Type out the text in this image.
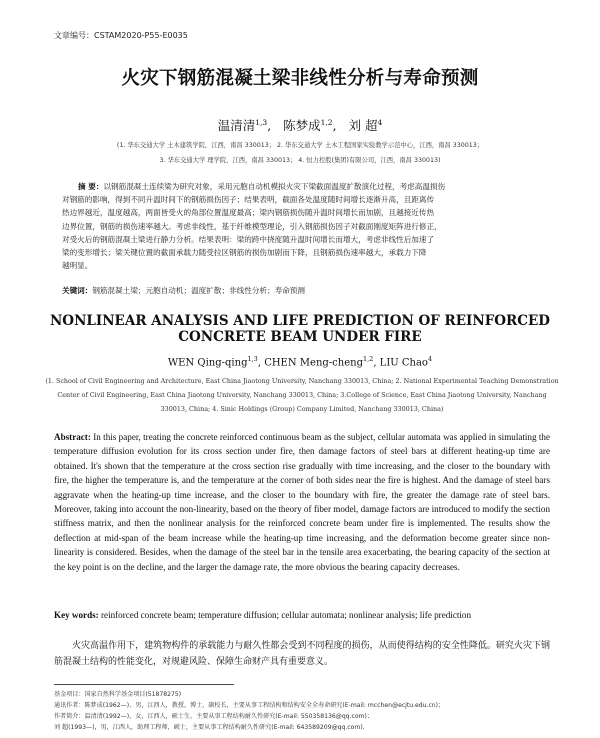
文章编号：CSTAM2020-P55-E0035
火灾下钢筋混凝土梁非线性分析与寿命预测
温清清$^{1,3}$,   陈梦成$^{1,2}$,   刘 超$^4$
(1. 华东交通大学 土木建筑学院，江西，南昌 330013； 2. 华东交通大学 土木工程国家实验教学示范中心，江西，南昌 330013；
3. 华东交通大学 理学院，江西，南昌 330013； 4. 恒力控股(集团)有限公司，江西，南昌 330013)
摘 要：以钢筋混凝土连续梁为研究对象，采用元胞自动机模拟火灾下梁截面温度扩散演化过程，考虑高温损伤
对钢筋的影响，得到不同升温时间下的钢筋损伤因子；结果表明，截面各处温度随时间增长逐渐升高，且距离传
热边界越近，温度越高，两面皆受火的角部位置温度最高；梁内钢筋损伤随升温时间增长而加剧，且越接近传热
边界位置，钢筋的损伤速率越大。考虑非线性，基于纤维模型理论，引入钢筋损伤因子对截面刚度矩阵进行修正，
对受火后的钢筋混凝土梁进行静力分析。结果表明：梁的跨中挠度随升温时间增长而增大，考虑非线性后加速了
梁的变形增长；梁关键位置的截面承载力随受拉区钢筋的损伤加剧而下降，且钢筋损伤速率越大，承载力下降
越明显。
关键词：钢筋混凝土梁；元胞自动机；温度扩散；非线性分析；寿命预测
NONLINEAR ANALYSIS AND LIFE PREDICTION OF REINFORCED
CONCRETE BEAM UNDER FIRE
WEN Qing-qing$^{1,3}$, CHEN Meng-cheng$^{1,2}$, LIU Chao$^4$
(1. School of Civil Engineering and Architecture, East China Jiaotong University, Nanchang 330013, China; 2. National Experimental Teaching Demonstration
Center of Civil Engineering, East China Jiaotong University, Nanchang 330013, China; 3.College of Science, East China Jiaotong University, Nanchang
330013, China; 4. Sinic Holdings (Group) Company Limited, Nanchang 330013, China)
Abstract: In this paper, treating the concrete reinforced continuous beam as the subject, cellular automata was applied in simulating the temperature diffusion evolution for its cross section under fire, then damage factors of steel bars at different heating-up time are obtained. It's shown that the temperature at the cross section rise gradually with time increasing, and the closer to the boundary with fire, the higher the temperature is, and the temperature at the corner of both sides near the fire is highest. And the damage of steel bars aggravate when the heating-up time increase, and the closer to the boundary with fire, the greater the damage rate of steel bars. Moreover, taking into account the non-linearity, based on the theory of fiber model, damage factors are introduced to modify the section stiffness matrix, and then the nonlinear analysis for the reinforced concrete beam under fire is implemented. The results show the deflection at mid-span of the beam increase while the heating-up time increasing, and the deformation become greater since non-linearity is considered. Besides, when the damage of the steel bar in the tensile area exacerbating, the bearing capacity of the section at the key point is on the decline, and the larger the damage rate, the more obvious the bearing capacity decreases.
Key words: reinforced concrete beam; temperature diffusion; cellular automata; nonlinear analysis; life prediction
火灾高温作用下，建筑物构件的承载能力与耐久性都会受到不同程度的损伤，从而使得结构的安全性降低。研究火灾下钢筋混凝土结构的性能变化，对规避风险、保障生命财产具有重要意义。
基金项目：国家自然科学基金项目(51878275)
通讯作者：陈梦成(1962—)，男，江西人，教授，博士，副校长，主要从事工程结构和结构安全全寿命研究(E-mail: mcchen@ecjtu.edu.cn)；
作者简介：温清清(1992—)，女，江西人，硕士生，主要从事工程结构耐久性研究(E-mail: 550358136@qq.com)；
刘 超(1993—)，男，江西人，助理工程师，硕士，主要从事工程结构耐久性研究(E-mail: 643589209@qq.com).
